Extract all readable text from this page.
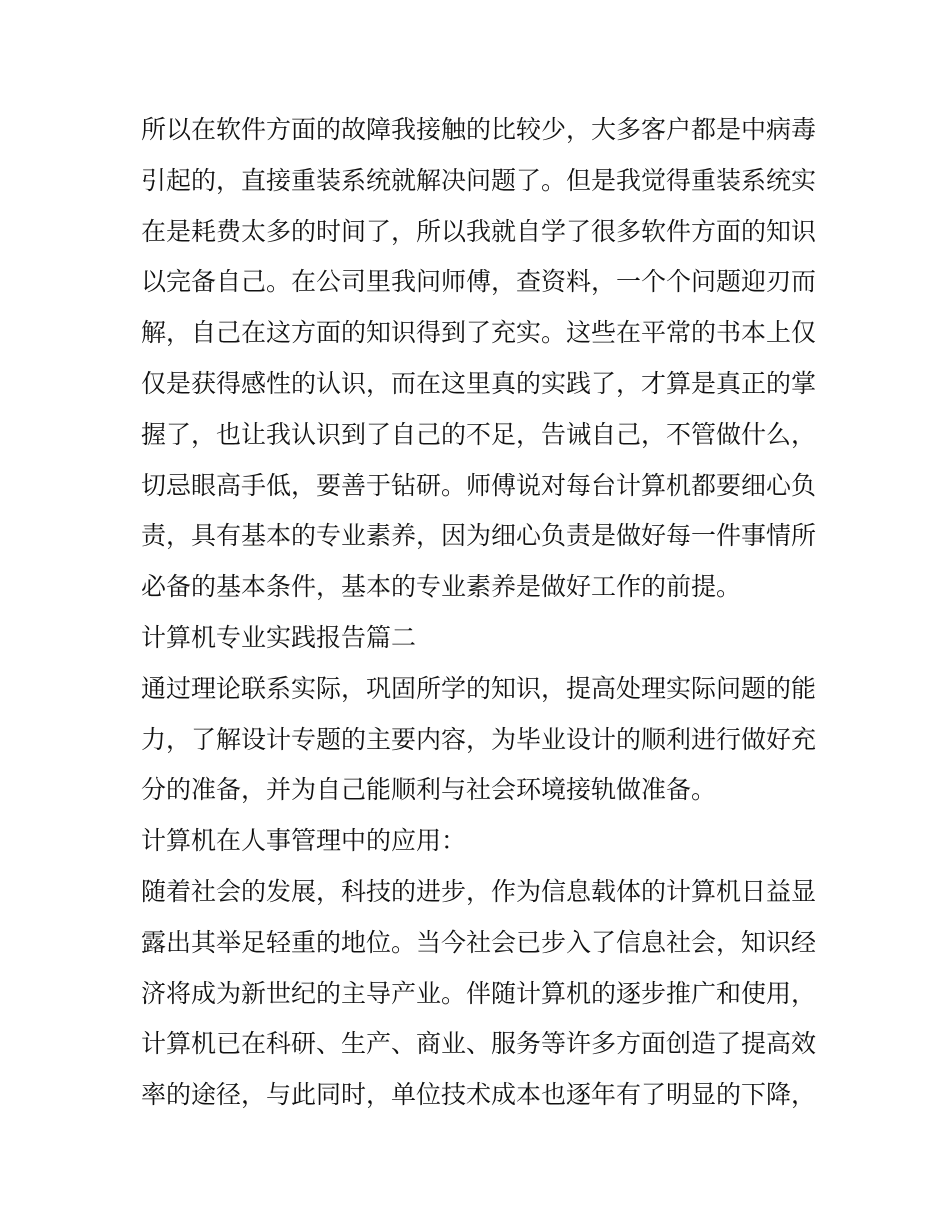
所以在软件方面的故障我接触的比较少，大多客户都是中病毒
引起的，直接重装系统就解决问题了。但是我觉得重装系统实
在是耗费太多的时间了，所以我就自学了很多软件方面的知识
以完备自己。在公司里我问师傅，查资料，一个个问题迎刃而
解，自己在这方面的知识得到了充实。这些在平常的书本上仅
仅是获得感性的认识，而在这里真的实践了，才算是真正的掌
握了，也让我认识到了自己的不足，告诫自己，不管做什么，
切忌眼高手低，要善于钻研。师傅说对每台计算机都要细心负
责，具有基本的专业素养，因为细心负责是做好每一件事情所
必备的基本条件，基本的专业素养是做好工作的前提。
计算机专业实践报告篇二
通过理论联系实际，巩固所学的知识，提高处理实际问题的能
力，了解设计专题的主要内容，为毕业设计的顺利进行做好充
分的准备，并为自己能顺利与社会环境接轨做准备。
计算机在人事管理中的应用：
随着社会的发展，科技的进步，作为信息载体的计算机日益显
露出其举足轻重的地位。当今社会已步入了信息社会，知识经
济将成为新世纪的主导产业。伴随计算机的逐步推广和使用，
计算机已在科研、生产、商业、服务等许多方面创造了提高效
率的途径，与此同时，单位技术成本也逐年有了明显的下降，
